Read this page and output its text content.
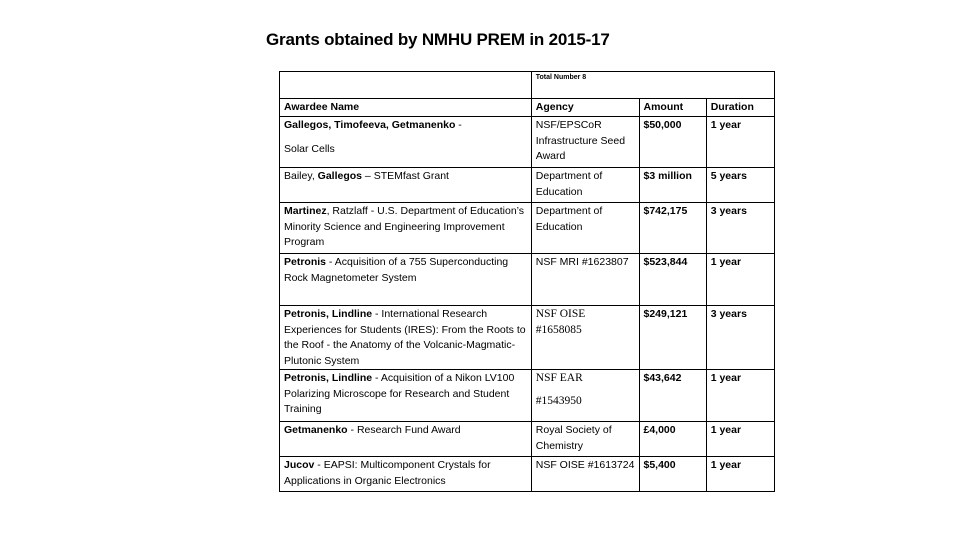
Grants obtained by NMHU PREM in 2015-17
	Total Number 8		
Awardee Name	Agency	Amount	Duration
Gallegos, Timofeeva, Getmanenko -
Solar Cells	NSF/EPSCoR Infrastructure Seed Award	$50,000	1 year
Bailey, Gallegos – STEMfast Grant	Department of Education	$3 million	5 years
Martinez, Ratzlaff - U.S. Department of Education’s Minority Science and Engineering Improvement Program	Department of Education	$742,175	3 years
Petronis - Acquisition of a 755 Superconducting Rock Magnetometer System	NSF MRI #1623807	$523,844	1 year
Petronis, Lindline - International Research Experiences for Students (IRES): From the Roots to the Roof - the Anatomy of the Volcanic-Magmatic-Plutonic System	NSF OISE
#1658085	$249,121	3 years
Petronis, Lindline - Acquisition of a Nikon LV100 Polarizing Microscope for Research and Student Training	NSF EAR
#1543950	$43,642	1 year
Getmanenko - Research Fund Award	Royal Society of Chemistry	£4,000	1 year
Jucov - EAPSI: Multicomponent Crystals for Applications in Organic Electronics	NSF OISE #1613724	$5,400	1 year
